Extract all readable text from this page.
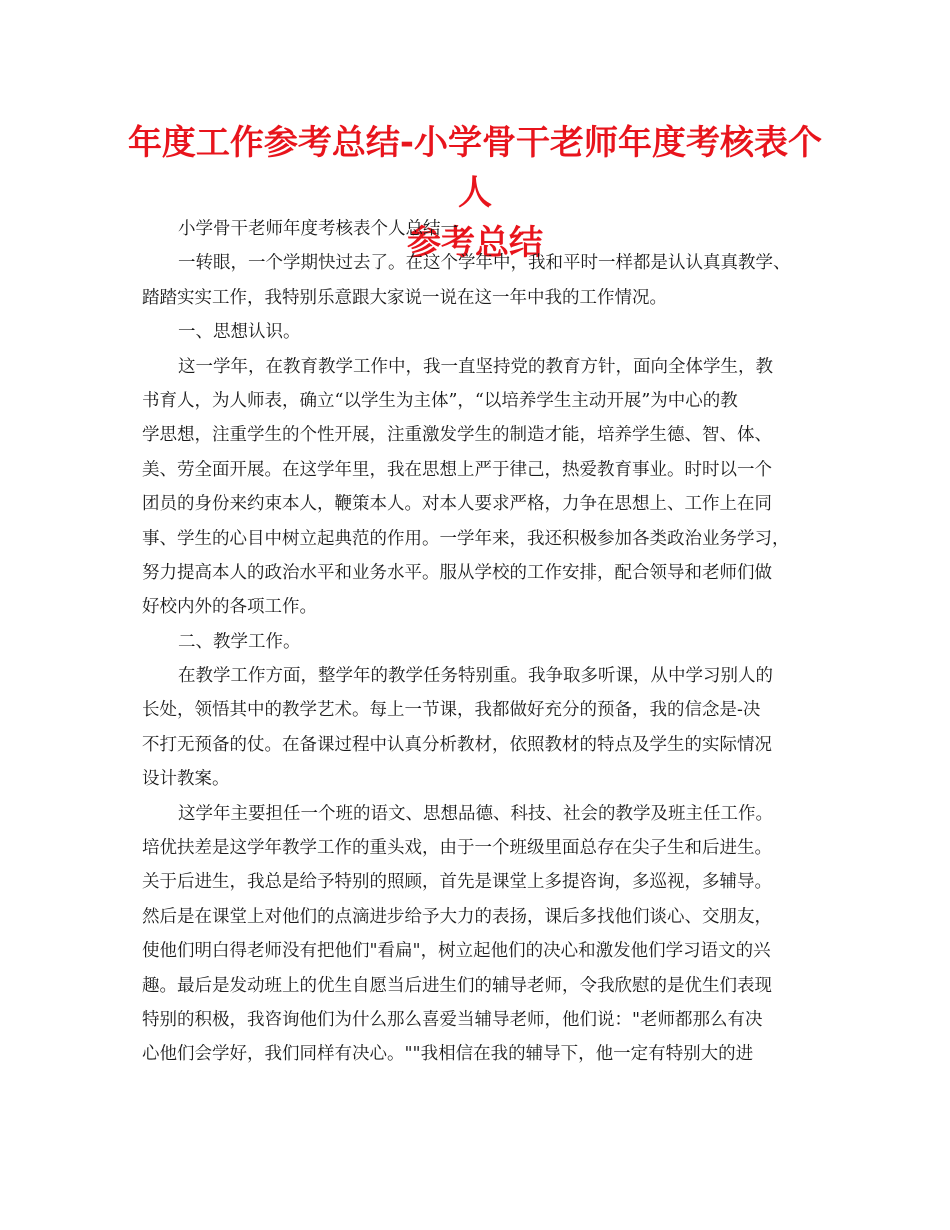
年度工作参考总结-小学骨干老师年度考核表个人
参考总结
小学骨干老师年度考核表个人总结一
一转眼，一个学期快过去了。在这个学年中，我和平时一样都是认认真真教学、
踏踏实实工作，我特别乐意跟大家说一说在这一年中我的工作情况。
一、思想认识。
这一学年，在教育教学工作中，我一直坚持党的教育方针，面向全体学生，教
书育人，为人师表，确立“以学生为主体”，“以培养学生主动开展”为中心的教
学思想，注重学生的个性开展，注重激发学生的制造才能，培养学生德、智、体、
美、劳全面开展。在这学年里，我在思想上严于律己，热爱教育事业。时时以一个
团员的身份来约束本人，鞭策本人。对本人要求严格，力争在思想上、工作上在同
事、学生的心目中树立起典范的作用。一学年来，我还积极参加各类政治业务学习，
努力提高本人的政治水平和业务水平。服从学校的工作安排，配合领导和老师们做
好校内外的各项工作。
二、教学工作。
在教学工作方面，整学年的教学任务特别重。我争取多听课，从中学习别人的
长处，领悟其中的教学艺术。每上一节课，我都做好充分的预备，我的信念是-决
不打无预备的仗。在备课过程中认真分析教材，依照教材的特点及学生的实际情况
设计教案。
这学年主要担任一个班的语文、思想品德、科技、社会的教学及班主任工作。
培优扶差是这学年教学工作的重头戏，由于一个班级里面总存在尖子生和后进生。
关于后进生，我总是给予特别的照顾，首先是课堂上多提咨询，多巡视，多辅导。
然后是在课堂上对他们的点滴进步给予大力的表扬，课后多找他们谈心、交朋友，
使他们明白得老师没有把他们"看扁"，树立起他们的决心和激发他们学习语文的兴
趣。最后是发动班上的优生自愿当后进生们的辅导老师，令我欣慰的是优生们表现
特别的积极，我咨询他们为什么那么喜爱当辅导老师，他们说："老师都那么有决
心他们会学好，我们同样有决心。""我相信在我的辅导下，他一定有特别大的进
